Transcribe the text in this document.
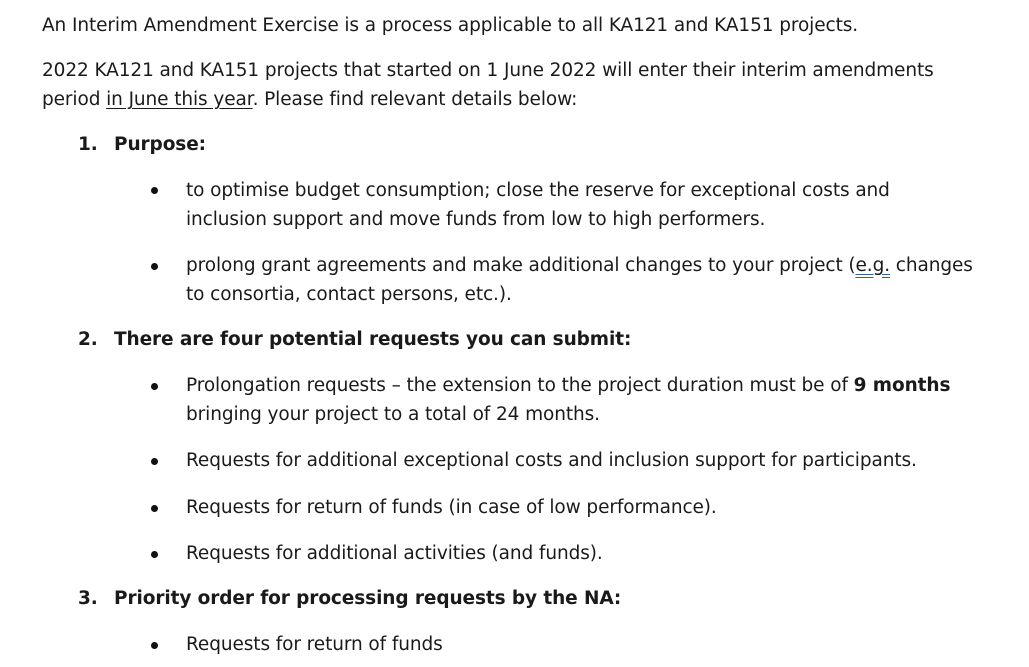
An Interim Amendment Exercise is a process applicable to all KA121 and KA151 projects.
2022 KA121 and KA151 projects that started on 1 June 2022 will enter their interim amendments
period in June this year. Please find relevant details below:
1. Purpose:
to optimise budget consumption; close the reserve for exceptional costs and
inclusion support and move funds from low to high performers.
prolong grant agreements and make additional changes to your project (e.g. changes
to consortia, contact persons, etc.).
2. There are four potential requests you can submit:
Prolongation requests – the extension to the project duration must be of 9 months
bringing your project to a total of 24 months.
Requests for additional exceptional costs and inclusion support for participants.
Requests for return of funds (in case of low performance).
Requests for additional activities (and funds).
3. Priority order for processing requests by the NA:
Requests for return of funds
